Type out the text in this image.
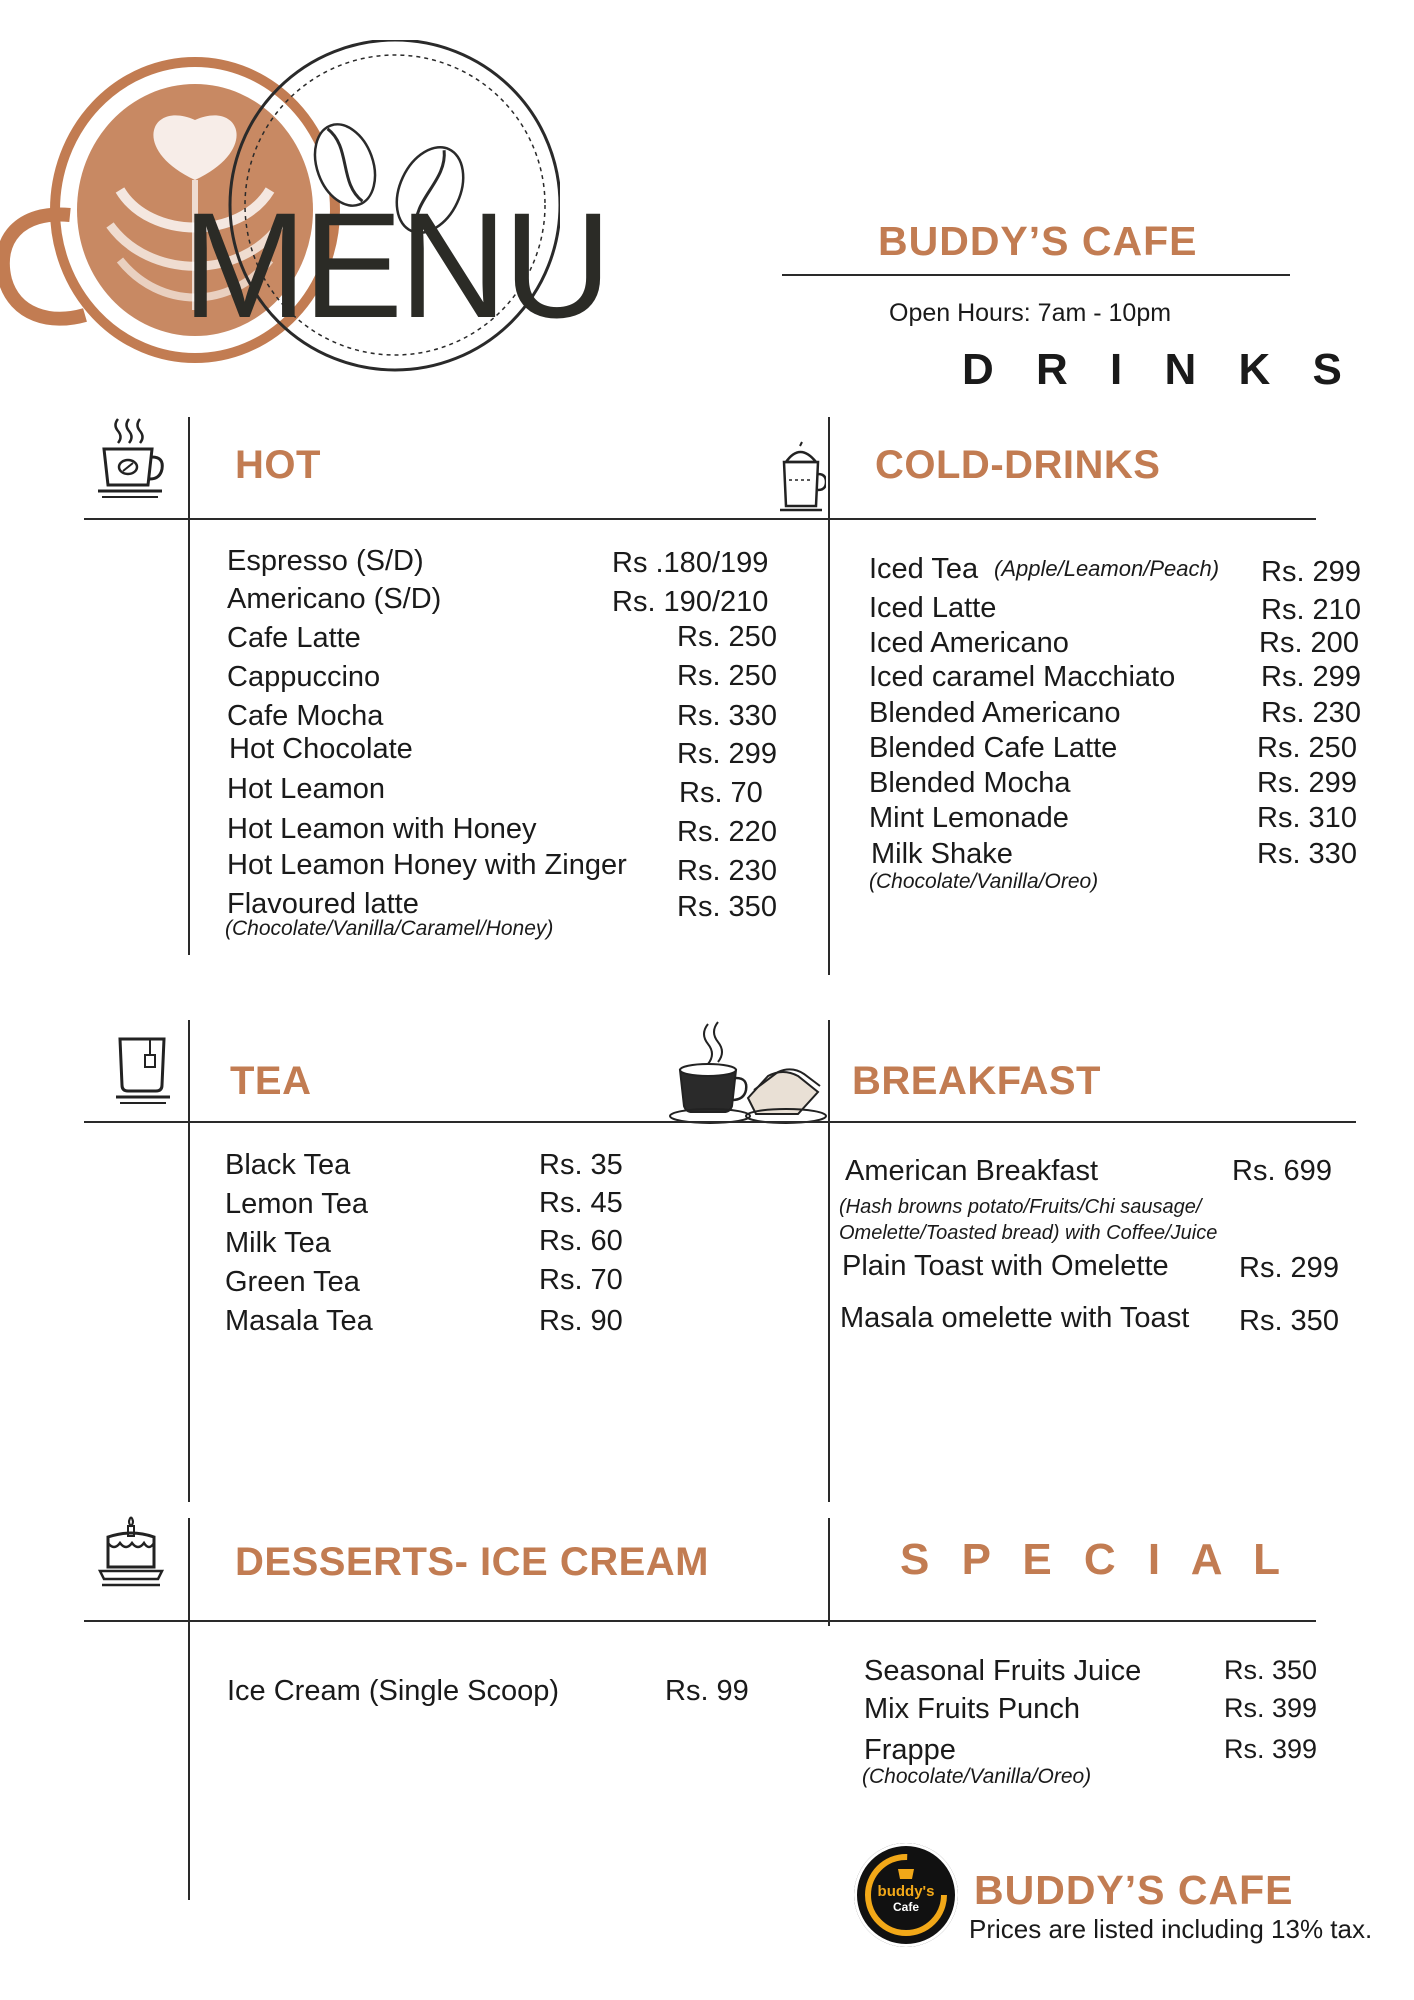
MENU	BUDDY’S CAFE
Open Hours: 7am - 10pm
D R I N K S
HOT	COLD-DRINKS
Espresso (S/D)	Rs .180/199
Americano (S/D)	Rs. 190/210
Cafe Latte	Rs. 250
Cappuccino	Rs. 250
Cafe Mocha	Rs. 330
Hot Chocolate	Rs. 299
Hot Leamon	Rs. 70
Hot Leamon with Honey	Rs. 220
Hot Leamon Honey with Zinger Rs. 230
Flavoured latte	Rs. 350
(Chocolate/Vanilla/Caramel/Honey)
Iced Tea (Apple/Leamon/Peach) Rs. 299
Iced Latte	Rs. 210
Iced Americano	Rs. 200
Iced caramel Macchiato	Rs. 299
Blended Americano	Rs. 230
Blended Cafe Latte	Rs. 250
Blended Mocha	Rs. 299
Mint Lemonade	Rs. 310
Milk Shake	Rs. 330
(Chocolate/Vanilla/Oreo)
TEA	BREAKFAST
Black Tea	Rs. 35
Lemon Tea	Rs. 45
Milk Tea	Rs. 60
Green Tea	Rs. 70
Masala Tea	Rs. 90
American Breakfast	Rs. 699
(Hash browns potato/Fruits/Chi sausage/
Omelette/Toasted bread) with Coffee/Juice
Plain Toast with Omelette Rs. 299
Masala omelette with Toast Rs. 350
DESSERTS- ICE CREAM	S P E C I A L
Ice Cream (Single Scoop)	Rs. 99
Seasonal Fruits Juice	Rs. 350
Mix Fruits Punch	Rs. 399
Frappe	Rs. 399
(Chocolate/Vanilla/Oreo)
buddy's
Cafe	BUDDY’S CAFE
Prices are listed including 13% tax.
